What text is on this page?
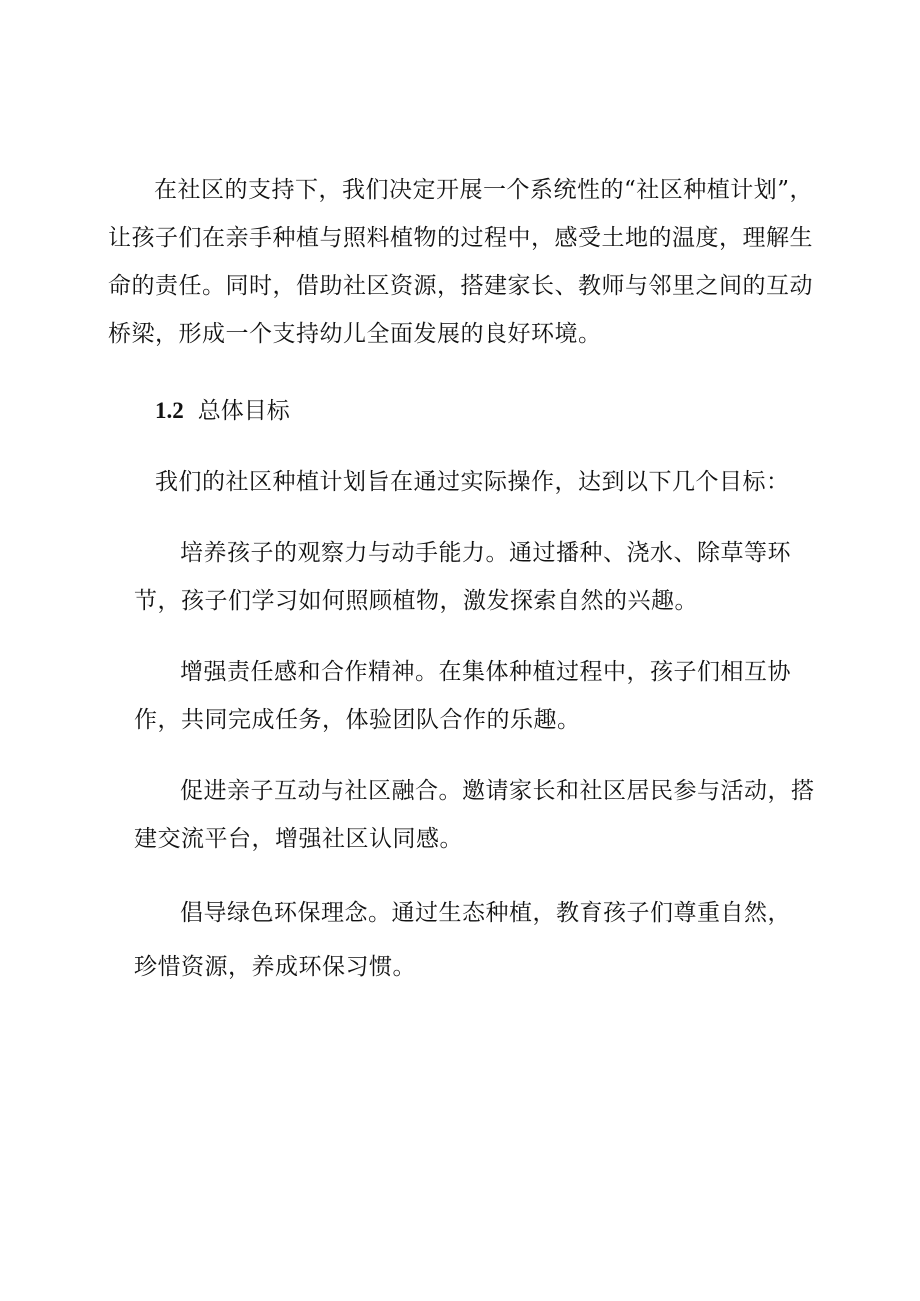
在社区的支持下，我们决定开展一个系统性的“社区种植计划”，
让孩子们在亲手种植与照料植物的过程中，感受土地的温度，理解生
命的责任。同时，借助社区资源，搭建家长、教师与邻里之间的互动
桥梁，形成一个支持幼儿全面发展的良好环境。

1.2 总体目标

我们的社区种植计划旨在通过实际操作，达到以下几个目标：

培养孩子的观察力与动手能力。通过播种、浇水、除草等环
节，孩子们学习如何照顾植物，激发探索自然的兴趣。

增强责任感和合作精神。在集体种植过程中，孩子们相互协
作，共同完成任务，体验团队合作的乐趣。

促进亲子互动与社区融合。邀请家长和社区居民参与活动，搭
建交流平台，增强社区认同感。

倡导绿色环保理念。通过生态种植，教育孩子们尊重自然，
珍惜资源，养成环保习惯。
